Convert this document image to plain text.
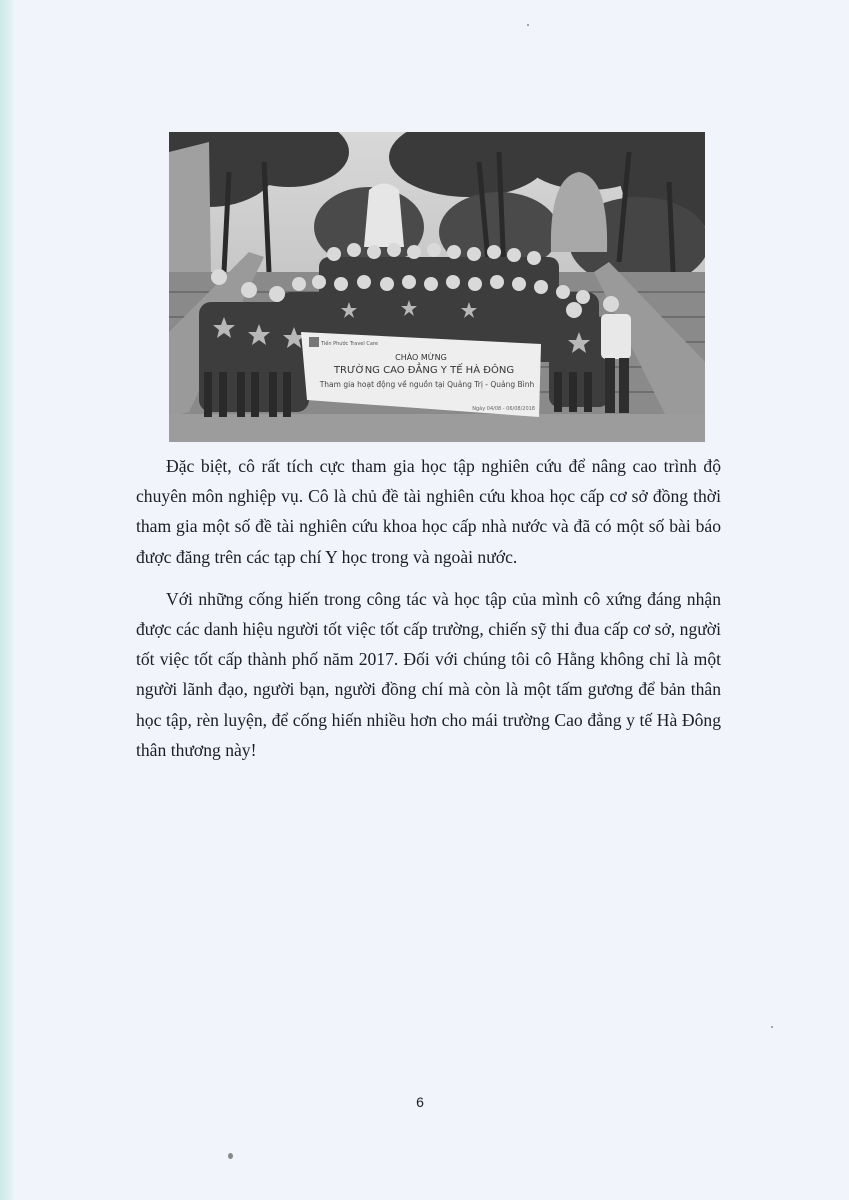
Tiến Phước Travel Care
CHÀO MỪNG
TRƯỜNG CAO ĐẲNG Y TẾ HÀ ĐÔNG
Tham gia hoạt động về nguồn tại Quảng Trị - Quảng Bình
Ngày 04/08 - 06/08/2018

Đặc biệt, cô rất tích cực tham gia học tập nghiên cứu để nâng cao trình độ chuyên môn nghiệp vụ. Cô là chủ đề tài nghiên cứu khoa học cấp cơ sở đồng thời tham gia một số đề tài nghiên cứu khoa học cấp nhà nước và đã có một số bài báo được đăng trên các tạp chí Y học trong và ngoài nước.

Với những cống hiến trong công tác và học tập của mình cô xứng đáng nhận được các danh hiệu người tốt việc tốt cấp trường, chiến sỹ thi đua cấp cơ sở, người tốt việc tốt cấp thành phố năm 2017. Đối với chúng tôi cô Hằng không chỉ là một người lãnh đạo, người bạn, người đồng chí mà còn là một tấm gương để bản thân học tập, rèn luyện, để cống hiến nhiều hơn cho mái trường Cao đẳng y tế Hà Đông thân thương này!

6
